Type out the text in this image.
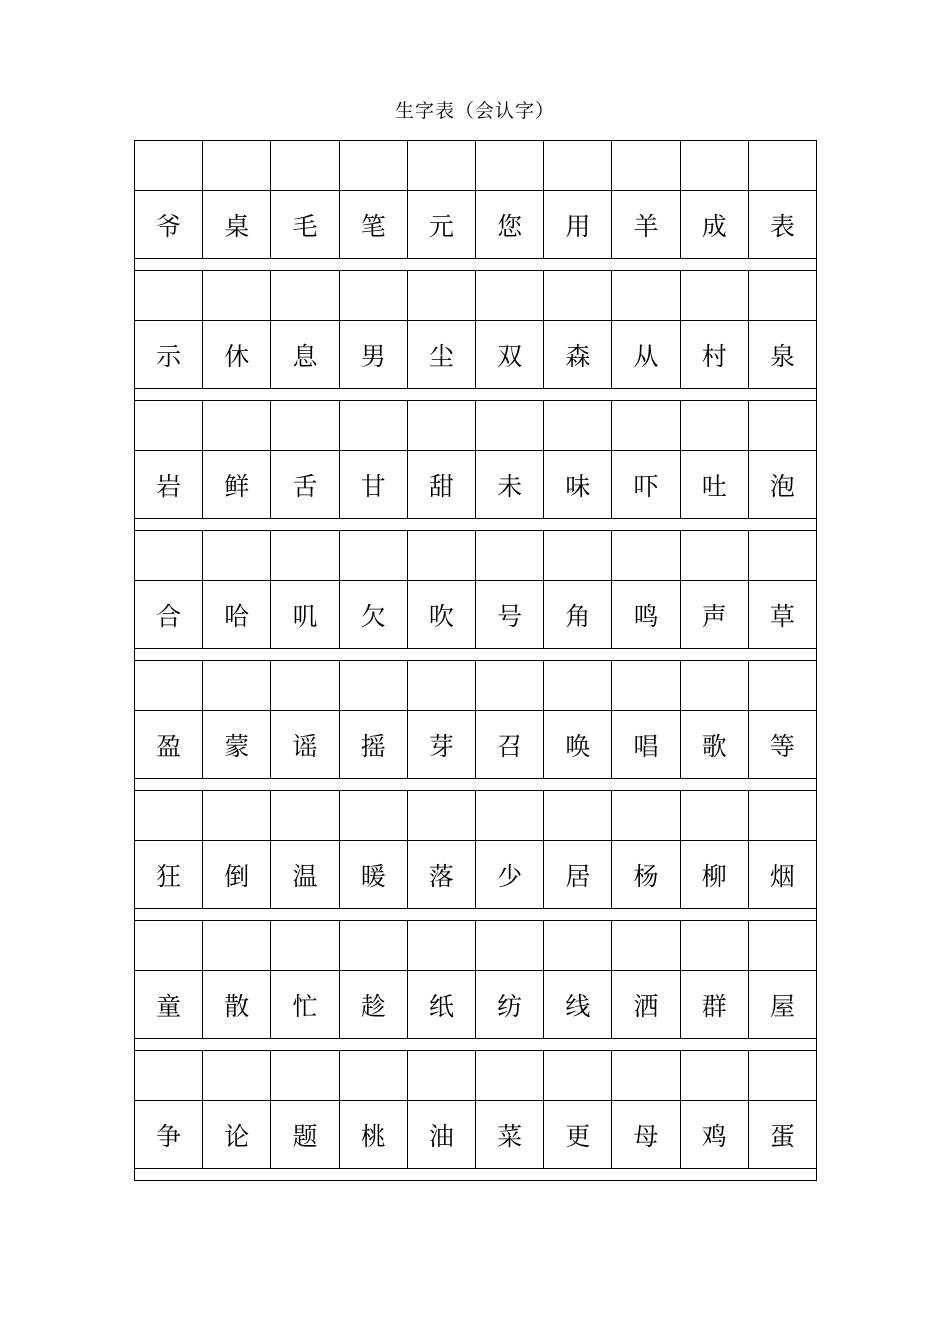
生字表（会认字）
爷	桌	毛	笔	元	您	用	羊	成	表
示	休	息	男	尘	双	森	从	村	泉
岩	鲜	舌	甘	甜	未	味	吓	吐	泡
合	哈	叽	欠	吹	号	角	鸣	声	草
盈	蒙	谣	摇	芽	召	唤	唱	歌	等
狂	倒	温	暖	落	少	居	杨	柳	烟
童	散	忙	趁	纸	纺	线	洒	群	屋
争	论	题	桃	油	菜	更	母	鸡	蛋
